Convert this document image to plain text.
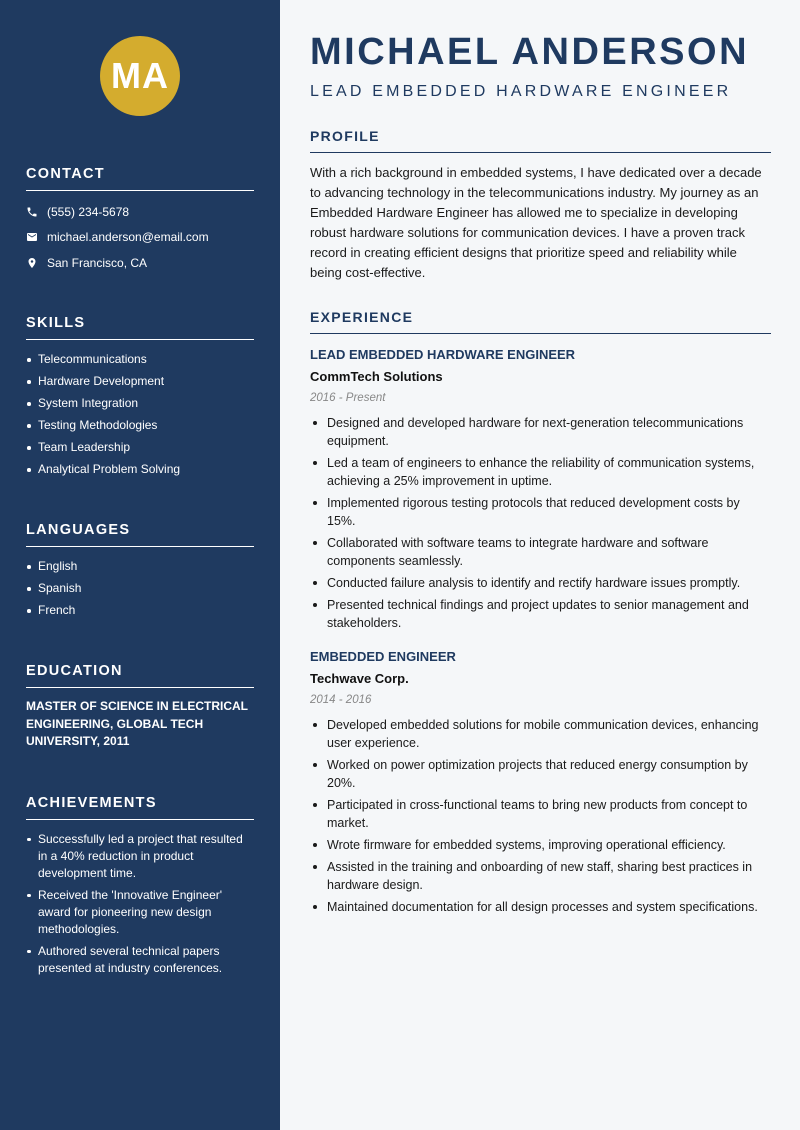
MA
CONTACT
(555) 234-5678
michael.anderson@email.com
San Francisco, CA
SKILLS
Telecommunications
Hardware Development
System Integration
Testing Methodologies
Team Leadership
Analytical Problem Solving
LANGUAGES
English
Spanish
French
EDUCATION

MASTER OF SCIENCE IN ELECTRICAL ENGINEERING, GLOBAL TECH UNIVERSITY, 2011

ACHIEVEMENTS
Successfully led a project that resulted in a 40% reduction in product development time.
Received the 'Innovative Engineer' award for pioneering new design methodologies.
Authored several technical papers presented at industry conferences.
MICHAEL ANDERSON

LEAD EMBEDDED HARDWARE ENGINEER

PROFILE

With a rich background in embedded systems, I have dedicated over a decade to advancing technology in the telecommunications industry. My journey as an Embedded Hardware Engineer has allowed me to specialize in developing robust hardware solutions for communication devices. I have a proven track record in creating efficient designs that prioritize speed and reliability while being cost-effective.

EXPERIENCE
LEAD EMBEDDED HARDWARE ENGINEER

CommTech Solutions

2016 - Present

Designed and developed hardware for next-generation telecommunications equipment.
Led a team of engineers to enhance the reliability of communication systems, achieving a 25% improvement in uptime.
Implemented rigorous testing protocols that reduced development costs by 15%.
Collaborated with software teams to integrate hardware and software components seamlessly.
Conducted failure analysis to identify and rectify hardware issues promptly.
Presented technical findings and project updates to senior management and stakeholders.
EMBEDDED ENGINEER

Techwave Corp.

2014 - 2016

Developed embedded solutions for mobile communication devices, enhancing user experience.
Worked on power optimization projects that reduced energy consumption by 20%.
Participated in cross-functional teams to bring new products from concept to market.
Wrote firmware for embedded systems, improving operational efficiency.
Assisted in the training and onboarding of new staff, sharing best practices in hardware design.
Maintained documentation for all design processes and system specifications.
